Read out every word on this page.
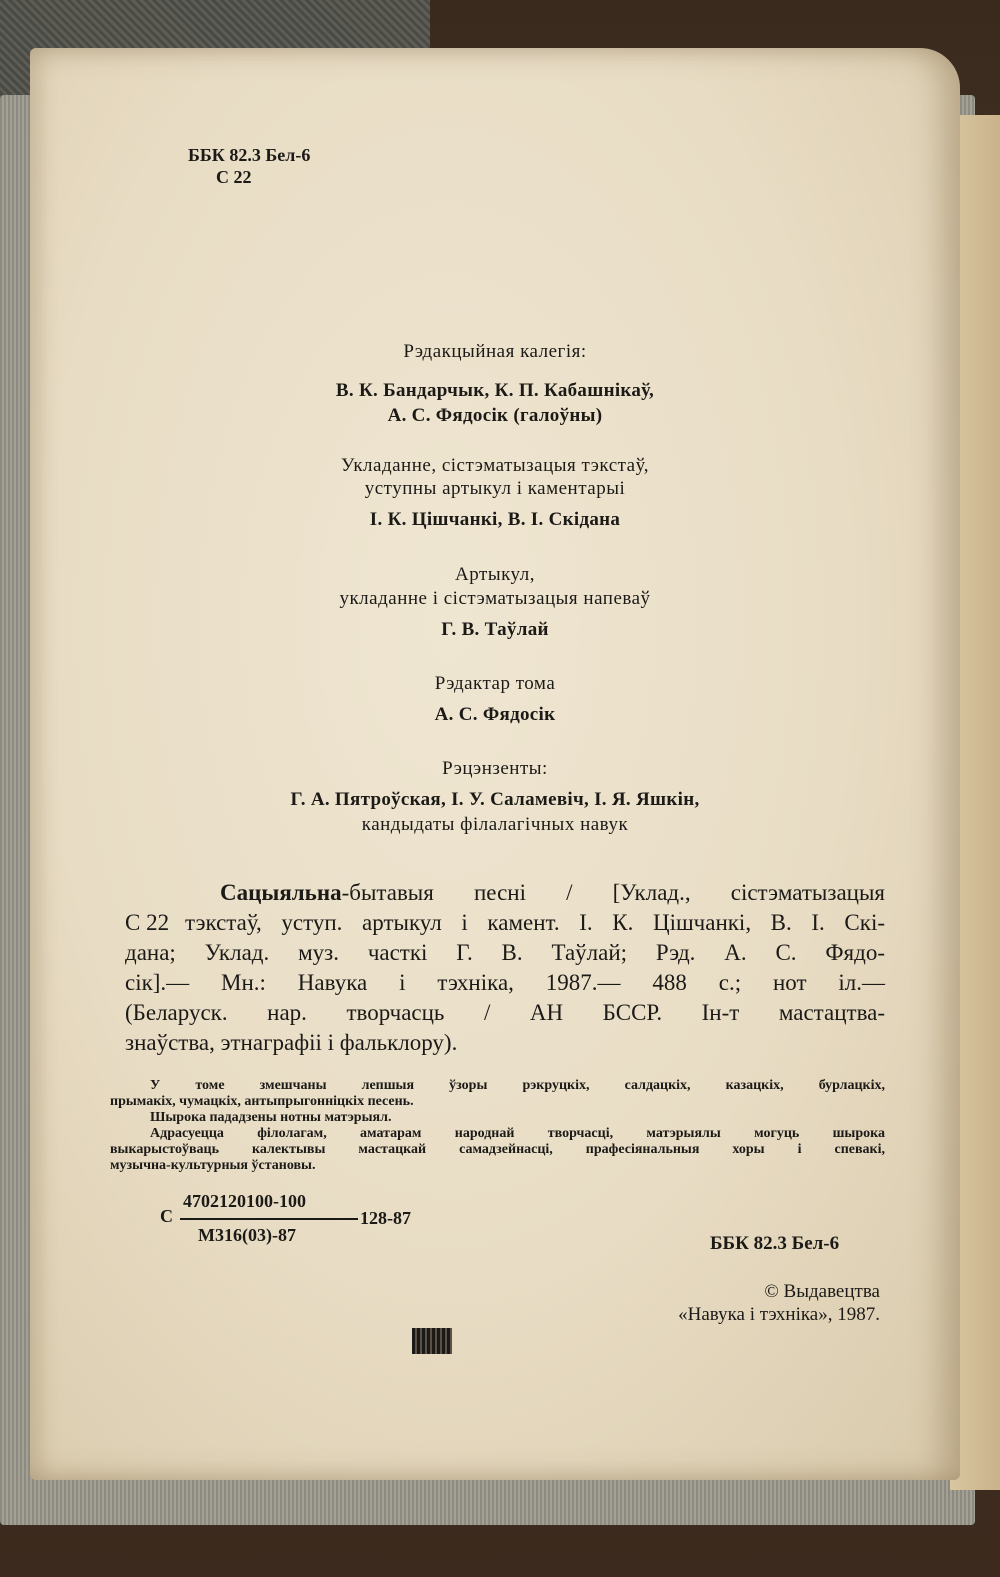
ББК 82.3 Бел-6
С 22
Рэдакцыйная калегія:
В. К. Бандарчык, К. П. Кабашнікаў,
А. С. Фядосік (галоўны)
Укладанне, сістэматызацыя тэкстаў,
уступны артыкул і каментарыі
І. К. Цішчанкі, В. І. Скідана
Артыкул,
укладанне і сістэматызацыя напеваў
Г. В. Таўлай
Рэдактар тома
А. С. Фядосік
Рэцэнзенты:
Г. А. Пятроўская, І. У. Саламевіч, І. Я. Яшкін,
кандыдаты філалагічных навук
С 22
Сацыяльна-бытавыя песні / [Уклад., сістэматызацыя
тэкстаў, уступ. артыкул і камент. І. К. Цішчанкі, В. І. Скі-
дана; Уклад. муз. часткі Г. В. Таўлай; Рэд. А. С. Фядо-
сік].— Мн.: Навука і тэхніка, 1987.— 488 с.; нот іл.—
(Беларуск. нар. творчасць / АН БССР. Ін-т мастацтва-
знаўства, этнаграфіі і фальклору).
У томе змешчаны лепшыя ўзоры рэкруцкіх, салдацкіх, казацкіх, бурлацкіх,
прымакіх, чумацкіх, антыпрыгонніцкіх песень.
Шырока пададзены нотны матэрыял.
Адрасуецца філолагам, аматарам народнай творчасці, матэрыялы могуць шырока
выкарыстоўваць калектывы мастацкай самадзейнасці, прафесіянальныя хоры і спевакі,
музычна-культурныя ўстановы.
С
4702120100-100
М316(03)-87
128-87
ББК 82.3 Бел-6
© Выдавецтва
«Навука і тэхніка», 1987.
